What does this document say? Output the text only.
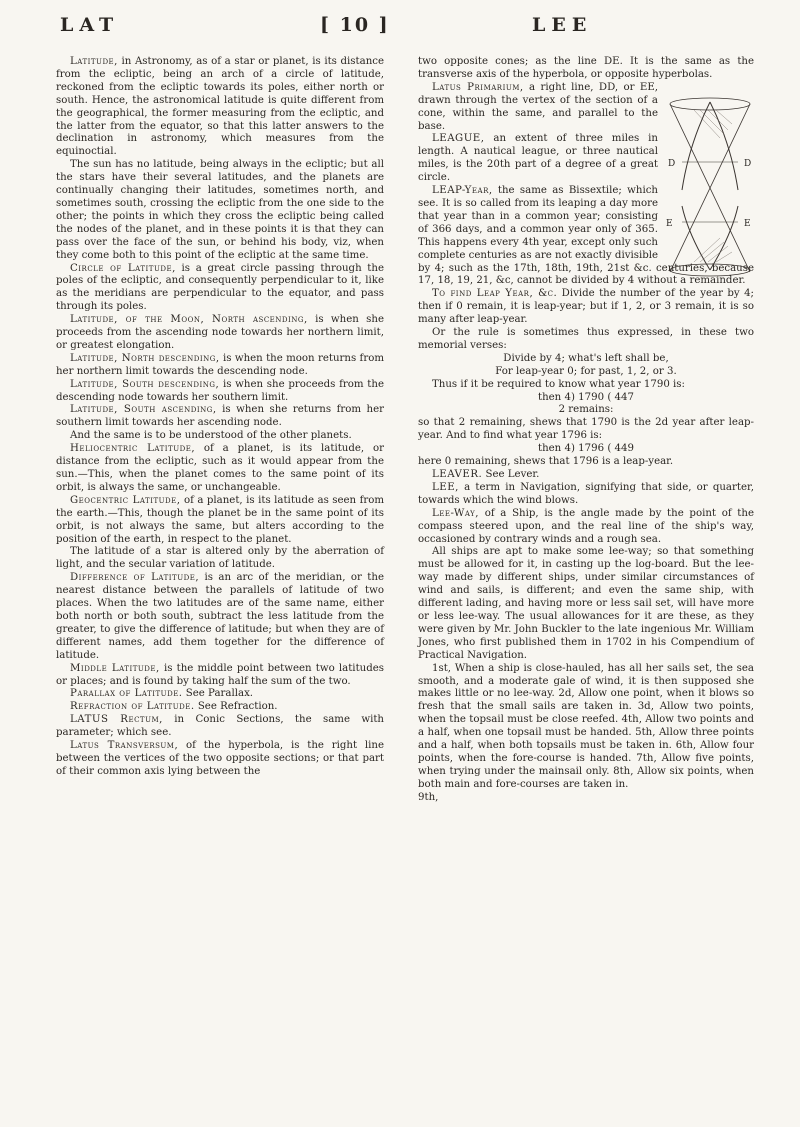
LAT	[ 10 ]	LEE

Latitude, in Astronomy, as of a star or planet, is its distance from the ecliptic, being an arch of a circle of latitude, reckoned from the ecliptic towards its poles, either north or south. Hence, the astronomical latitude is quite different from the geographical, the former measuring from the ecliptic, and the latter from the equator, so that this latter answers to the declination in astronomy, which measures from the equinoctial.

The sun has no latitude, being always in the ecliptic; but all the stars have their several latitudes, and the planets are continually changing their latitudes, sometimes north, and sometimes south, crossing the ecliptic from the one side to the other; the points in which they cross the ecliptic being called the nodes of the planet, and in these points it is that they can pass over the face of the sun, or behind his body, viz, when they come both to this point of the ecliptic at the same time.

Circle of Latitude, is a great circle passing through the poles of the ecliptic, and consequently perpendicular to it, like as the meridians are perpendicular to the equator, and pass through its poles.

Latitude, of the Moon, North ascending, is when she proceeds from the ascending node towards her northern limit, or greatest elongation.

Latitude, North descending, is when the moon returns from her northern limit towards the descending node.

Latitude, South descending, is when she proceeds from the descending node towards her southern limit.

Latitude, South ascending, is when she returns from her southern limit towards her ascending node.

And the same is to be understood of the other planets.

Heliocentric Latitude, of a planet, is its latitude, or distance from the ecliptic, such as it would appear from the sun.—This, when the planet comes to the same point of its orbit, is always the same, or unchangeable.

Geocentric Latitude, of a planet, is its latitude as seen from the earth.—This, though the planet be in the same point of its orbit, is not always the same, but alters according to the position of the earth, in respect to the planet.

The latitude of a star is altered only by the aberration of light, and the secular variation of latitude.

Difference of Latitude, is an arc of the meridian, or the nearest distance between the parallels of latitude of two places. When the two latitudes are of the same name, either both north or both south, subtract the less latitude from the greater, to give the difference of latitude; but when they are of different names, add them together for the difference of latitude.

Middle Latitude, is the middle point between two latitudes or places; and is found by taking half the sum of the two.

Parallax of Latitude. See Parallax.

Refraction of Latitude. See Refraction.

LATUS Rectum, in Conic Sections, the same with parameter; which see.

Latus Transversum, of the hyperbola, is the right line between the vertices of the two opposite sections; or that part of their common axis lying between the

two opposite cones; as the line DE. It is the same as the transverse axis of the hyperbola, or opposite hyperbolas.

Latus Primarium, a right line, DD, or EE, drawn through the vertex of the section of a cone, within the same, and parallel to the base.

LEAGUE, an extent of three miles in length. A nautical league, or three nautical miles, is the 20th part of a degree of a great circle.

LEAP-Year, the same as Bissextile; which see. It is so called from its leaping a day more that year than in a common year; consisting of 366 days, and a common year only of 365. This happens every 4th year, except only such complete centuries as are not exactly divisible by 4; such as the 17th, 18th, 19th, 21st &c. centuries, because 17, 18, 19, 21, &c, cannot be divided by 4 without a remainder.

To find Leap Year, &c. Divide the number of the year by 4; then if 0 remain, it is leap-year; but if 1, 2, or 3 remain, it is so many after leap-year.

Or the rule is sometimes thus expressed, in these two memorial verses:

Divide by 4; what's left shall be,

For leap-year 0; for past, 1, 2, or 3.

Thus if it be required to know what year 1790 is:

then 4) 1790 ( 447

2 remains:

so that 2 remaining, shews that 1790 is the 2d year after leap-year. And to find what year 1796 is:

then 4) 1796 ( 449

here 0 remaining, shews that 1796 is a leap-year.

LEAVER. See Lever.

LEE, a term in Navigation, signifying that side, or quarter, towards which the wind blows.

Lee-Way, of a Ship, is the angle made by the point of the compass steered upon, and the real line of the ship's way, occasioned by contrary winds and a rough sea.

All ships are apt to make some lee-way; so that something must be allowed for it, in casting up the log-board. But the lee-way made by different ships, under similar circumstances of wind and sails, is different; and even the same ship, with different lading, and having more or less sail set, will have more or less lee-way. The usual allowances for it are these, as they were given by Mr. John Buckler to the late ingenious Mr. William Jones, who first published them in 1702 in his Compendium of Practical Navigation.

1st, When a ship is close-hauled, has all her sails set, the sea smooth, and a moderate gale of wind, it is then supposed she makes little or no lee-way. 2d, Allow one point, when it blows so fresh that the small sails are taken in. 3d, Allow two points, when the topsail must be close reefed. 4th, Allow two points and a half, when one topsail must be handed. 5th, Allow three points and a half, when both topsails must be taken in. 6th, Allow four points, when the fore-course is handed. 7th, Allow five points, when trying under the mainsail only. 8th, Allow six points, when both main and fore-courses are taken in.

9th,

D	D
E	E
